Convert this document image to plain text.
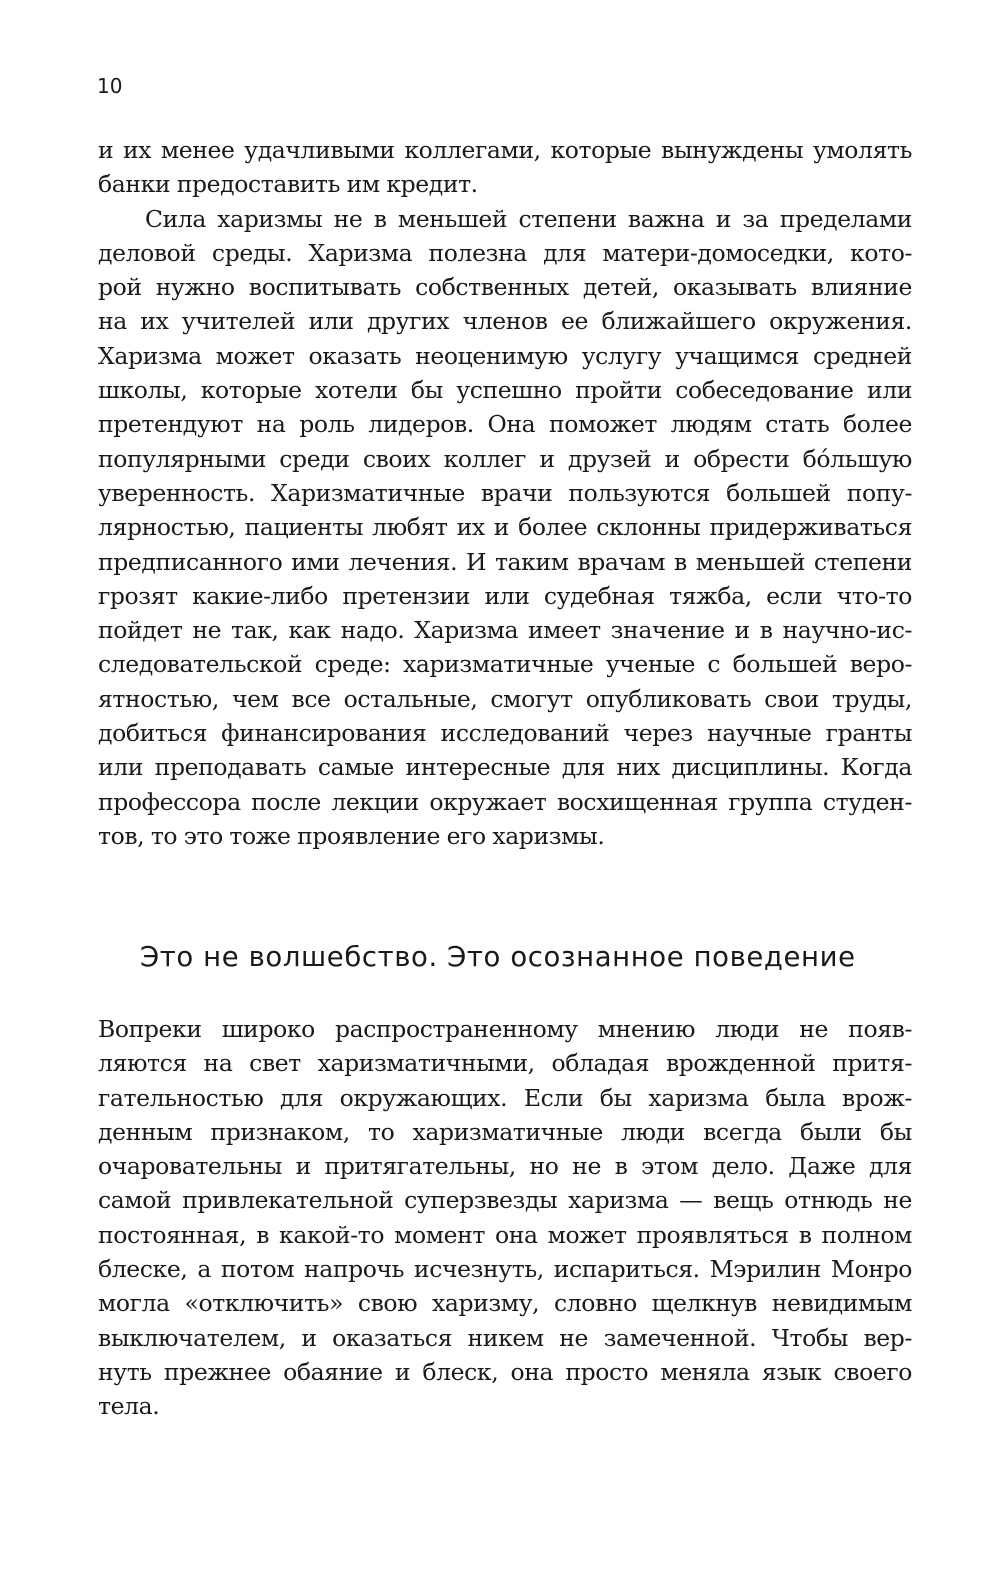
10
и их менее удачливыми коллегами, которые вынуждены умолять
банки предоставить им кредит.
Сила харизмы не в меньшей степени важна и за пределами
деловой среды. Харизма полезна для матери-домоседки, кото-
рой нужно воспитывать собственных детей, оказывать влияние
на их учителей или других членов ее ближайшего окружения.
Харизма может оказать неоценимую услугу учащимся средней
школы, которые хотели бы успешно пройти собеседование или
претендуют на роль лидеров. Она поможет людям стать более
популярными среди своих коллег и друзей и обрести бóльшую
уверенность. Харизматичные врачи пользуются большей попу-
лярностью, пациенты любят их и более склонны придерживаться
предписанного ими лечения. И таким врачам в меньшей степени
грозят какие-либо претензии или судебная тяжба, если что-то
пойдет не так, как надо. Харизма имеет значение и в научно-ис-
следовательской среде: харизматичные ученые с большей веро-
ятностью, чем все остальные, смогут опубликовать свои труды,
добиться финансирования исследований через научные гранты
или преподавать самые интересные для них дисциплины. Когда
профессора после лекции окружает восхищенная группа студен-
тов, то это тоже проявление его харизмы.
Это не волшебство. Это осознанное поведение
Вопреки широко распространенному мнению люди не появ-
ляются на свет харизматичными, обладая врожденной притя-
гательностью для окружающих. Если бы харизма была врож-
денным признаком, то харизматичные люди всегда были бы
очаровательны и притягательны, но не в этом дело. Даже для
самой привлекательной суперзвезды харизма — вещь отнюдь не
постоянная, в какой-то момент она может проявляться в полном
блеске, а потом напрочь исчезнуть, испариться. Мэрилин Монро
могла «отключить» свою харизму, словно щелкнув невидимым
выключателем, и оказаться никем не замеченной. Чтобы вер-
нуть прежнее обаяние и блеск, она просто меняла язык своего
тела.
